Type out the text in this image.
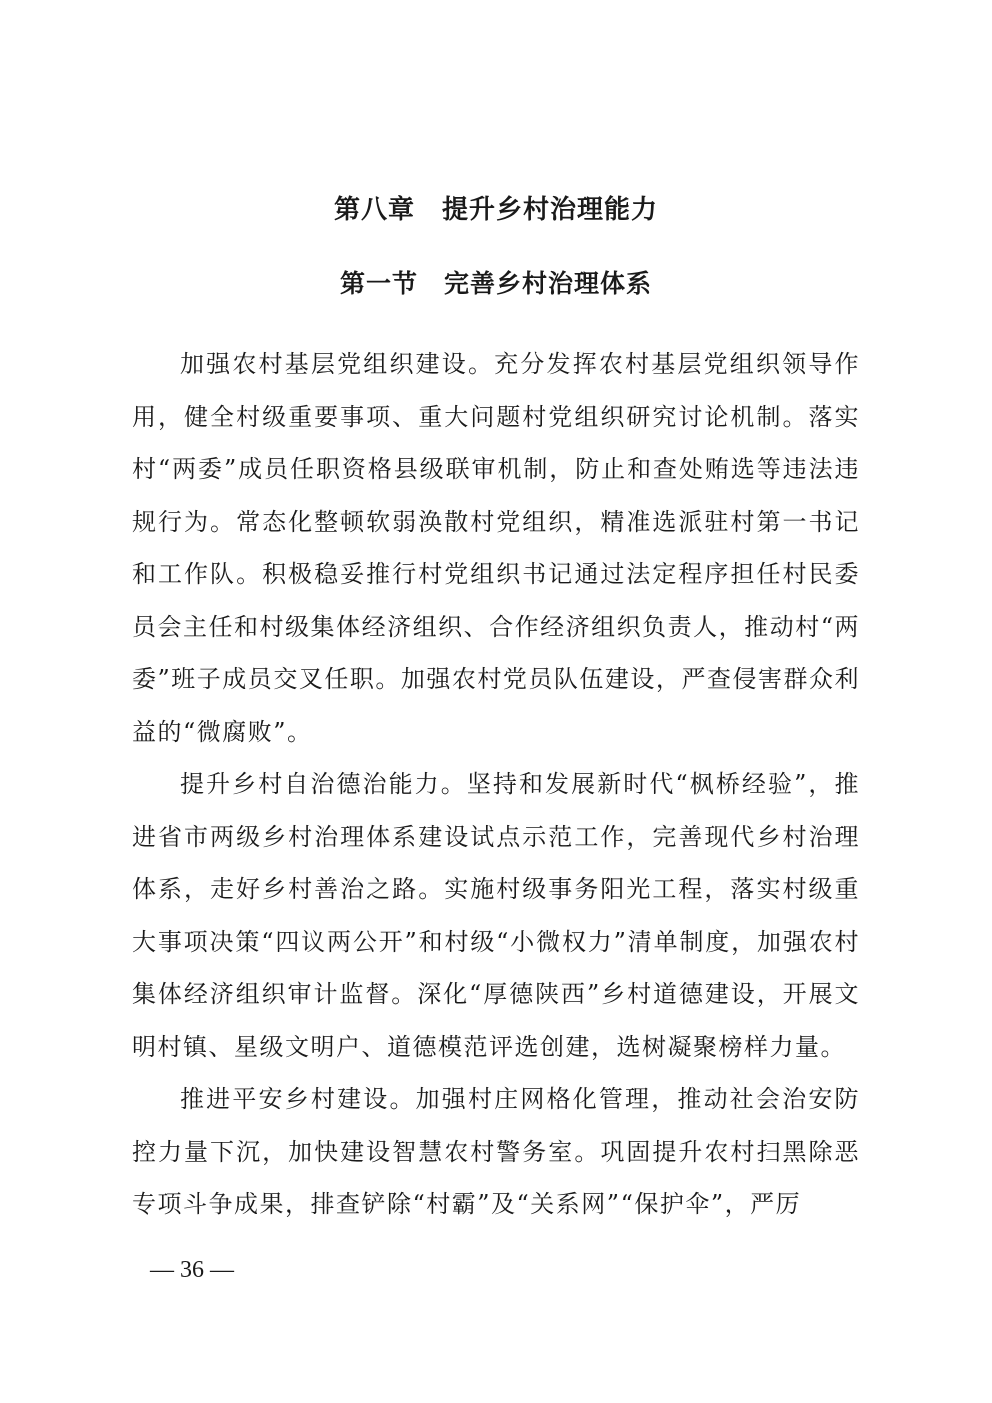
第八章　提升乡村治理能力
第一节　完善乡村治理体系

加强农村基层党组织建设。充分发挥农村基层党组织领导作用，健全村级重要事项、重大问题村党组织研究讨论机制。落实村“两委”成员任职资格县级联审机制，防止和查处贿选等违法违规行为。常态化整顿软弱涣散村党组织，精准选派驻村第一书记和工作队。积极稳妥推行村党组织书记通过法定程序担任村民委员会主任和村级集体经济组织、合作经济组织负责人，推动村“两委”班子成员交叉任职。加强农村党员队伍建设，严查侵害群众利益的“微腐败”。

提升乡村自治德治能力。坚持和发展新时代“枫桥经验”，推进省市两级乡村治理体系建设试点示范工作，完善现代乡村治理体系，走好乡村善治之路。实施村级事务阳光工程，落实村级重大事项决策“四议两公开”和村级“小微权力”清单制度，加强农村集体经济组织审计监督。深化“厚德陕西”乡村道德建设，开展文明村镇、星级文明户、道德模范评选创建，选树凝聚榜样力量。

推进平安乡村建设。加强村庄网格化管理，推动社会治安防控力量下沉，加快建设智慧农村警务室。巩固提升农村扫黑除恶专项斗争成果，排查铲除“村霸”及“关系网”“保护伞”，严厉

— 36 —
